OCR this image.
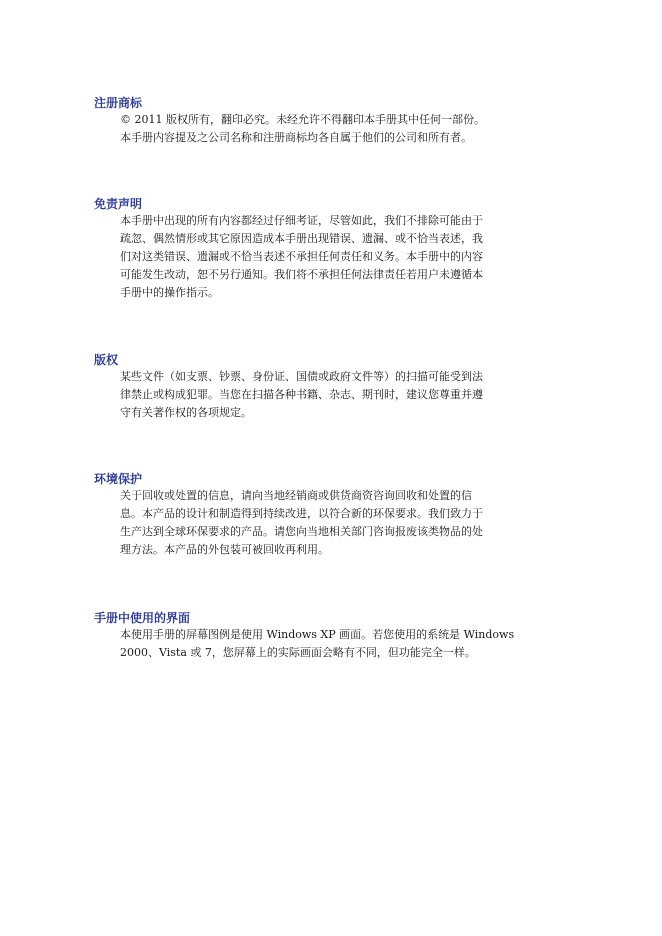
注册商标

© 2011 版权所有，翻印必究。未经允许不得翻印本手册其中任何一部份。
本手册内容提及之公司名称和注册商标均各自属于他们的公司和所有者。

免责声明

本手册中出现的所有内容都经过仔细考证，尽管如此，我们不排除可能由于
疏忽、偶然情形或其它原因造成本手册出现错误、遗漏、或不恰当表述，我
们对这类错误、遗漏或不恰当表述不承担任何责任和义务。本手册中的内容
可能发生改动，恕不另行通知。我们将不承担任何法律责任若用户未遵循本
手册中的操作指示。

版权

某些文件（如支票、钞票、身份证、国债或政府文件等）的扫描可能受到法
律禁止或构成犯罪。当您在扫描各种书籍、杂志、期刊时，建议您尊重并遵
守有关著作权的各项规定。

环境保护

关于回收或处置的信息，请向当地经销商或供货商资咨询回收和处置的信
息。本产品的设计和制造得到持续改进，以符合新的环保要求。我们致力于
生产达到全球环保要求的产品。请您向当地相关部门咨询报废该类物品的处
理方法。本产品的外包装可被回收再利用。

手册中使用的界面

本使用手册的屏幕图例是使用 Windows XP 画面。若您使用的系统是 Windows
2000、Vista 或 7，您屏幕上的实际画面会略有不同，但功能完全一样。
